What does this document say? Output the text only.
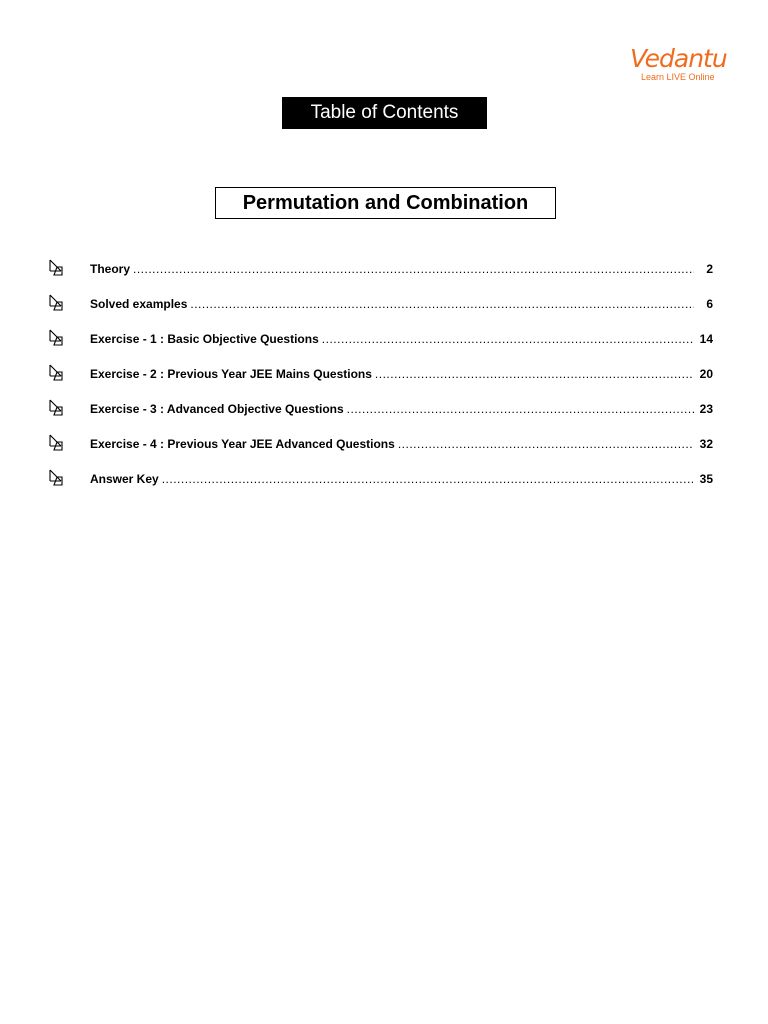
Vedantu
Learn LIVE Online
Table of Contents
Permutation and Combination
Theory .....	2
Solved examples .....	6
Exercise - 1 : Basic Objective Questions .....	14
Exercise - 2 : Previous Year JEE Mains Questions .....	20
Exercise - 3 : Advanced Objective Questions .....	23
Exercise - 4 : Previous Year JEE Advanced Questions .....	32
Answer Key .....	35
